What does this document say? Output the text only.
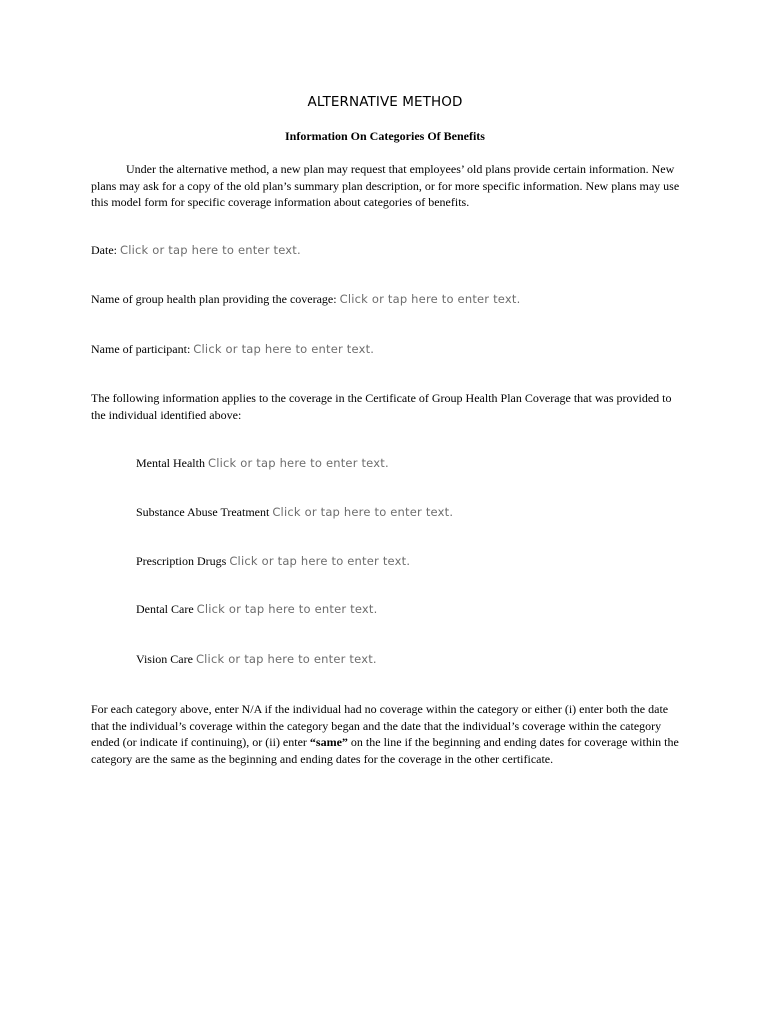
ALTERNATIVE METHOD
Information On Categories Of Benefits
Under the alternative method, a new plan may request that employees’ old plans provide certain information. New plans may ask for a copy of the old plan’s summary plan description, or for more specific information. New plans may use this model form for specific coverage information about categories of benefits.
Date: Click or tap here to enter text.
Name of group health plan providing the coverage: Click or tap here to enter text.
Name of participant: Click or tap here to enter text.
The following information applies to the coverage in the Certificate of Group Health Plan Coverage that was provided to the individual identified above:
Mental Health Click or tap here to enter text.
Substance Abuse Treatment Click or tap here to enter text.
Prescription Drugs Click or tap here to enter text.
Dental Care Click or tap here to enter text.
Vision Care Click or tap here to enter text.
For each category above, enter N/A if the individual had no coverage within the category or either (i) enter both the date that the individual’s coverage within the category began and the date that the individual’s coverage within the category ended (or indicate if continuing), or (ii) enter “same” on the line if the beginning and ending dates for coverage within the category are the same as the beginning and ending dates for the coverage in the other certificate.
